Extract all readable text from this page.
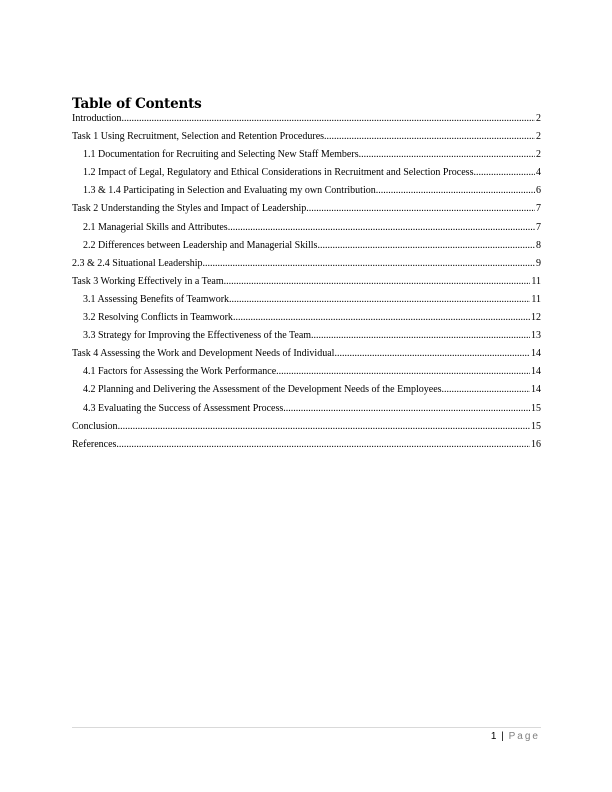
Table of Contents
Introduction .....	2
Task 1 Using Recruitment, Selection and Retention Procedures .....	2
1.1 Documentation for Recruiting and Selecting New Staff Members .....	2
1.2 Impact of Legal, Regulatory and Ethical Considerations in Recruitment and Selection Process .....	4
1.3 & 1.4 Participating in Selection and Evaluating my own Contribution .....	6
Task 2 Understanding the Styles and Impact of Leadership .....	7
2.1 Managerial Skills and Attributes .....	7
2.2 Differences between Leadership and Managerial Skills .....	8
2.3 & 2.4 Situational Leadership .....	9
Task 3 Working Effectively in a Team .....	11
3.1 Assessing Benefits of Teamwork .....	11
3.2 Resolving Conflicts in Teamwork .....	12
3.3 Strategy for Improving the Effectiveness of the Team .....	13
Task 4 Assessing the Work and Development Needs of Individual .....	14
4.1 Factors for Assessing the Work Performance .....	14
4.2 Planning and Delivering the Assessment of the Development Needs of the Employees .....	14
4.3 Evaluating the Success of Assessment Process .....	15
Conclusion .....	15
References .....	16
1 | Page
